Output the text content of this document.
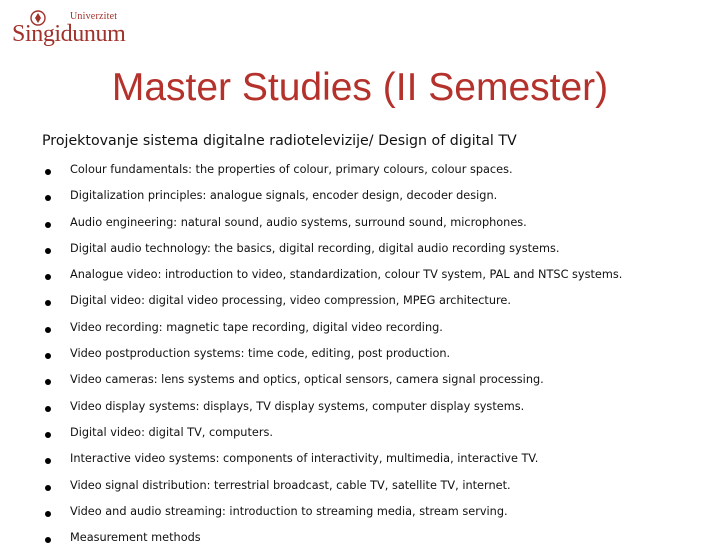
Univerzitet
Singidunum
Master Studies (II Semester)
Projektovanje sistema digitalne radiotelevizije/ Design of digital TV
Colour fundamentals: the properties of colour, primary colours, colour spaces.
Digitalization principles: analogue signals, encoder design, decoder design.
Audio engineering: natural sound, audio systems, surround sound, microphones.
Digital audio technology: the basics, digital recording, digital audio recording systems.
Analogue video: introduction to video, standardization, colour TV system, PAL and NTSC systems.
Digital video: digital video processing, video compression, MPEG architecture.
Video recording: magnetic tape recording, digital video recording.
Video postproduction systems: time code, editing, post production.
Video cameras: lens systems and optics, optical sensors, camera signal processing.
Video display systems: displays, TV display systems, computer display systems.
Digital video: digital TV, computers.
Interactive video systems: components of interactivity, multimedia, interactive TV.
Video signal distribution: terrestrial broadcast, cable TV, satellite TV, internet.
Video and audio streaming: introduction to streaming media, stream serving.
Measurement methods
